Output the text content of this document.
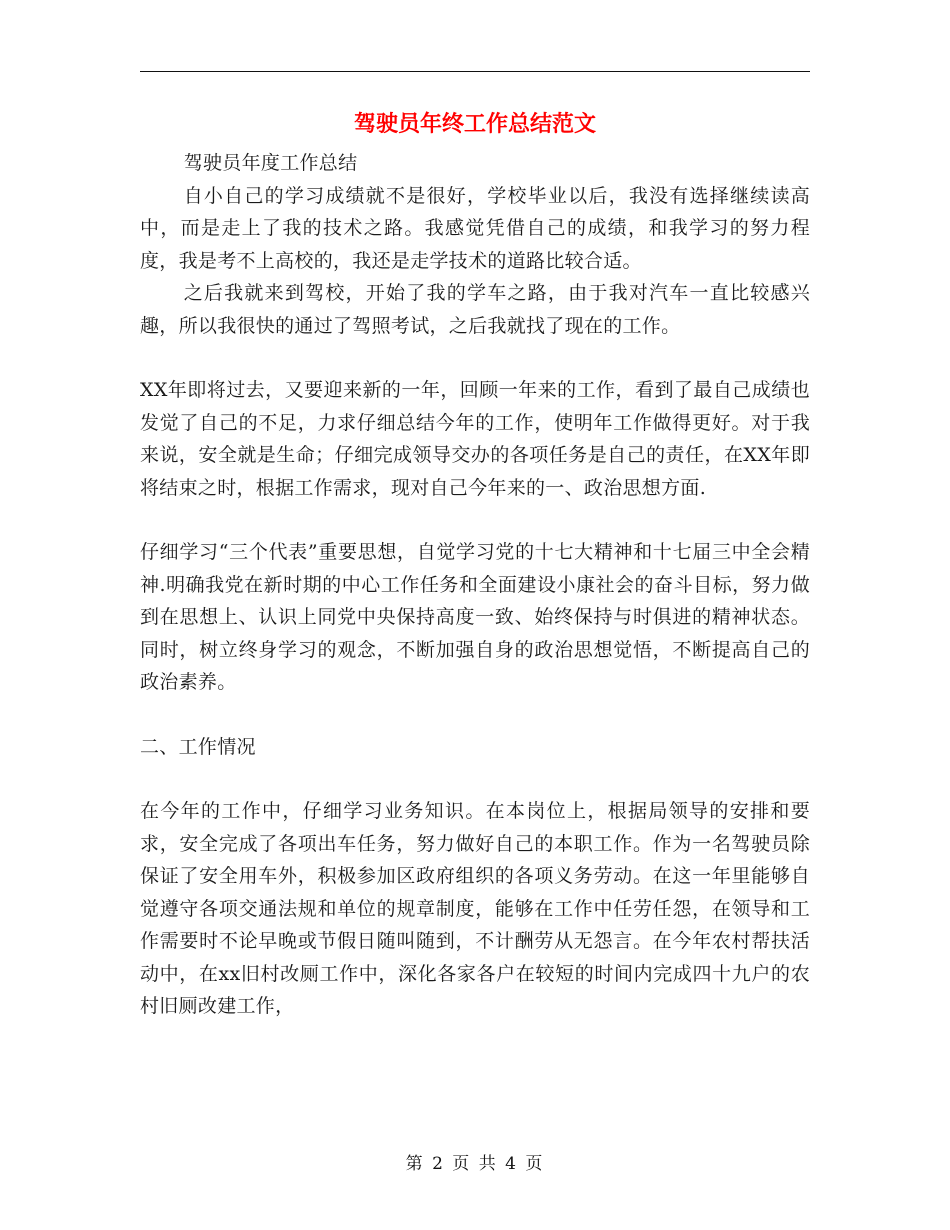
驾驶员年终工作总结范文

驾驶员年度工作总结

自小自己的学习成绩就不是很好，学校毕业以后，我没有选择继续读高中，而是走上了我的技术之路。我感觉凭借自己的成绩，和我学习的努力程度，我是考不上高校的，我还是走学技术的道路比较合适。

之后我就来到驾校，开始了我的学车之路，由于我对汽车一直比较感兴趣，所以我很快的通过了驾照考试，之后我就找了现在的工作。

XX年即将过去，又要迎来新的一年，回顾一年来的工作，看到了最自己成绩也发觉了自己的不足，力求仔细总结今年的工作，使明年工作做得更好。对于我来说，安全就是生命；仔细完成领导交办的各项任务是自己的责任，在XX年即将结束之时，根据工作需求，现对自己今年来的一、政治思想方面.

仔细学习“三个代表”重要思想，自觉学习党的十七大精神和十七届三中全会精神.明确我党在新时期的中心工作任务和全面建设小康社会的奋斗目标，努力做到在思想上、认识上同党中央保持高度一致、始终保持与时俱进的精神状态。同时，树立终身学习的观念，不断加强自身的政治思想觉悟，不断提高自己的政治素养。

二、工作情况

在今年的工作中，仔细学习业务知识。在本岗位上，根据局领导的安排和要求，安全完成了各项出车任务，努力做好自己的本职工作。作为一名驾驶员除保证了安全用车外，积极参加区政府组织的各项义务劳动。在这一年里能够自觉遵守各项交通法规和单位的规章制度，能够在工作中任劳任怨，在领导和工作需要时不论早晚或节假日随叫随到，不计酬劳从无怨言。在今年农村帮扶活动中，在xx旧村改厕工作中，深化各家各户在较短的时间内完成四十九户的农村旧厕改建工作，

第 2 页 共 4 页
